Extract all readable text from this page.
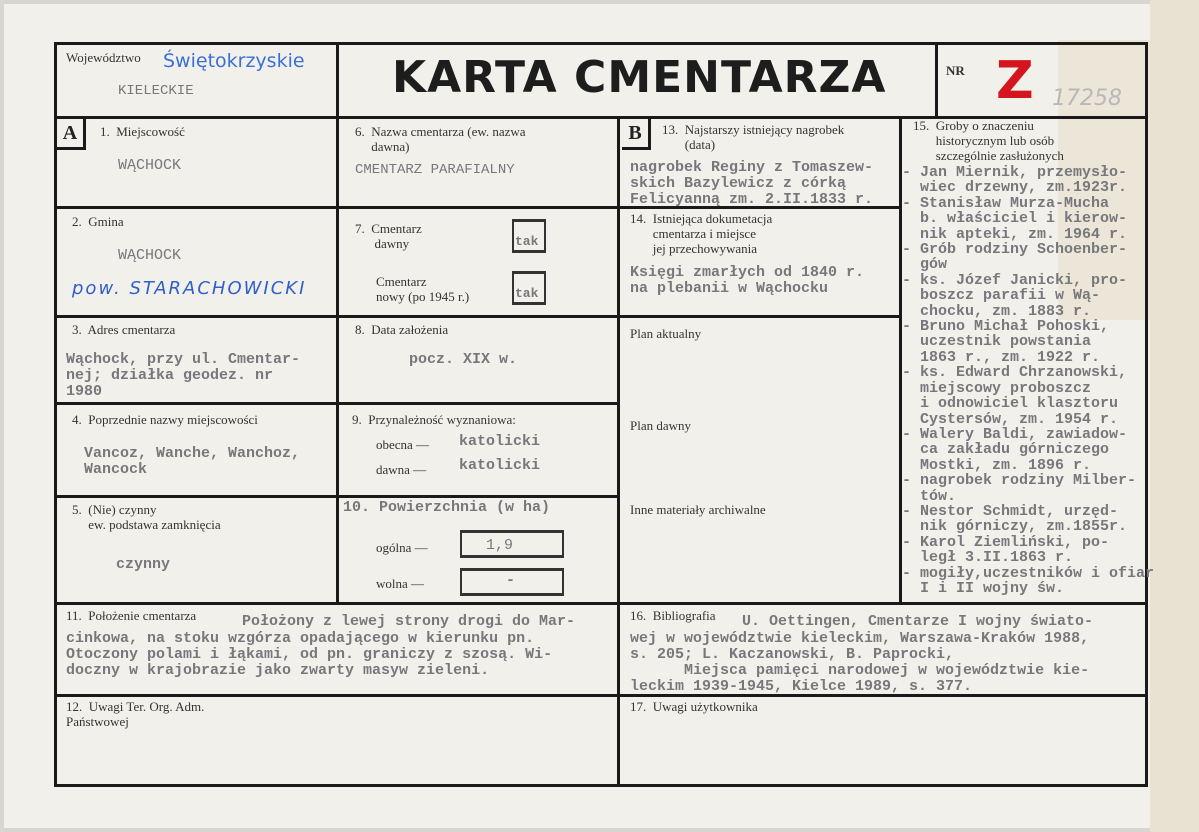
Województwo Świętokrzyskie
KIELECKIE	KARTA CMENTARZA	NR Z 17258
A	1.  Miejscowość
WĄCHOCK
2.  Gmina
WĄCHOCK
pow. STARACHOWICKI
3.  Adres cmentarza
Wąchock, przy ul. Cmentar-
nej; działka geodez. nr
1980
4.  Poprzednie nazwy miejscowości
Vancoz, Wanche, Wanchoz,
Wancock
5.  (Nie) czynny
ew. podstawa zamknięcia
czynny
6.  Nazwa cmentarza (ew. nazwa
dawna)
CMENTARZ PARAFIALNY
7.  Cmentarz
dawny	tak
Cmentarz
nowy (po 1945 r.)	tak
8.  Data założenia
pocz. XIX w.
9.  Przynależność wyznaniowa:
obecna — katolicki
dawna — katolicki
10. Powierzchnia (w ha)
ogólna —	1,9
wolna —	-
B	13.  Najstarszy istniejący nagrobek
(data)
nagrobek Reginy z Tomaszew-
skich Bazylewicz z córką
Felicyanną zm. 2.II.1833 r.
14.  Istniejąca dokumetacja
cmentarza i miejsce
jej przechowywania
Księgi zmarłych od 1840 r.
na plebanii w Wąchocku
Plan aktualny
Plan dawny
Inne materiały archiwalne
15.  Groby o znaczeniu
historycznym lub osób
szczególnie zasłużonych
- Jan Miernik, przemysło-
wiec drzewny, zm.1923r.
- Stanisław Murza-Mucha
b. właściciel i kierow-
nik apteki, zm. 1964 r.
- Grób rodziny Schoenber-
gów
- ks. Józef Janicki, pro-
boszcz parafii w Wą-
chocku, zm. 1883 r.
- Bruno Michał Pohoski,
uczestnik powstania
1863 r., zm. 1922 r.
- ks. Edward Chrzanowski,
miejscowy proboszcz
i odnowiciel klasztoru
Cystersów, zm. 1954 r.
- Walery Baldi, zawiadow-
ca zakładu górniczego
Mostki, zm. 1896 r.
- nagrobek rodziny Milber-
tów.
- Nestor Schmidt, urzęd-
nik górniczy, zm.1855r.
- Karol Ziemliński, po-
legł 3.II.1863 r.
- mogiły,uczestników i ofiar
I i II wojny św.
11.  Położenie cmentarza	Położony z lewej strony drogi do Mar-
cinkowa, na stoku wzgórza opadającego w kierunku pn.
Otoczony polami i łąkami, od pn. graniczy z szosą. Wi-
doczny w krajobrazie jako zwarty masyw zieleni.
16.  Bibliografia U. Oettingen, Cmentarze I wojny świato-
wej w województwie kieleckim, Warszawa-Kraków 1988,
s. 205; L. Kaczanowski, B. Paprocki,
Miejsca pamięci narodowej w województwie kie-
leckim 1939-1945, Kielce 1989, s. 377.
12.  Uwagi Ter. Org. Adm.
Państwowej
17.  Uwagi użytkownika
